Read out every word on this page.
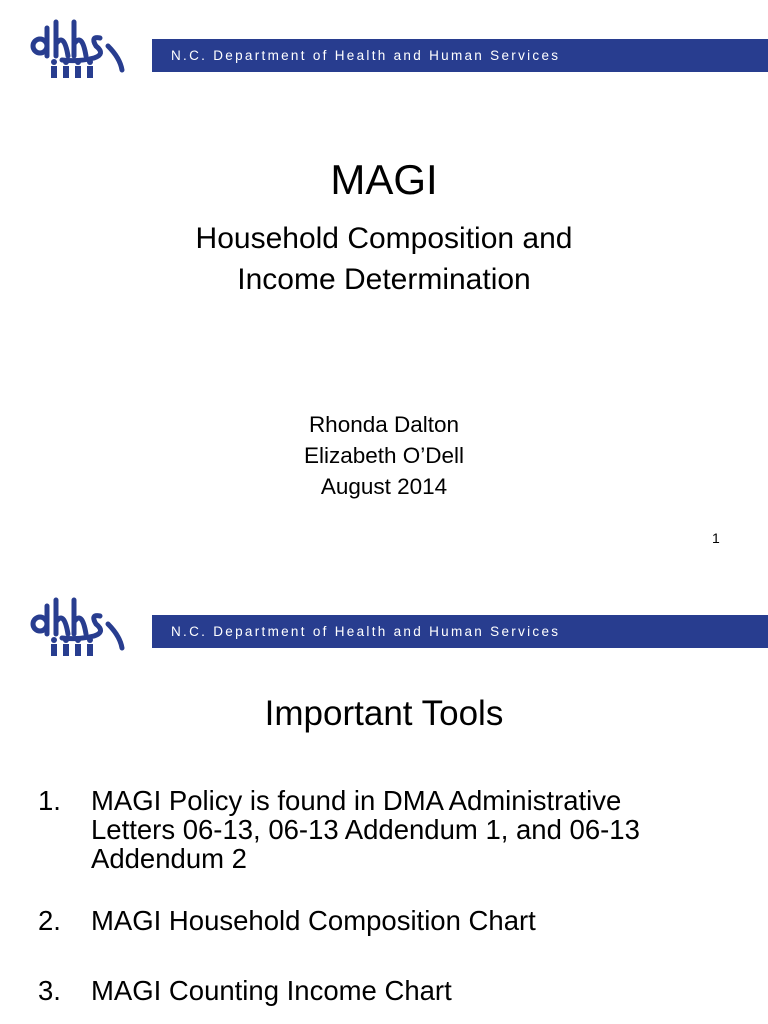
N.C. Department of Health and Human Services
MAGI
Household Composition and
Income Determination
Rhonda Dalton
Elizabeth O’Dell
August 2014
1
N.C. Department of Health and Human Services
Important Tools
1. MAGI Policy is found in DMA Administrative
Letters 06-13, 06-13 Addendum 1, and 06-13
Addendum 2
2. MAGI Household Composition Chart
3. MAGI Counting Income Chart
